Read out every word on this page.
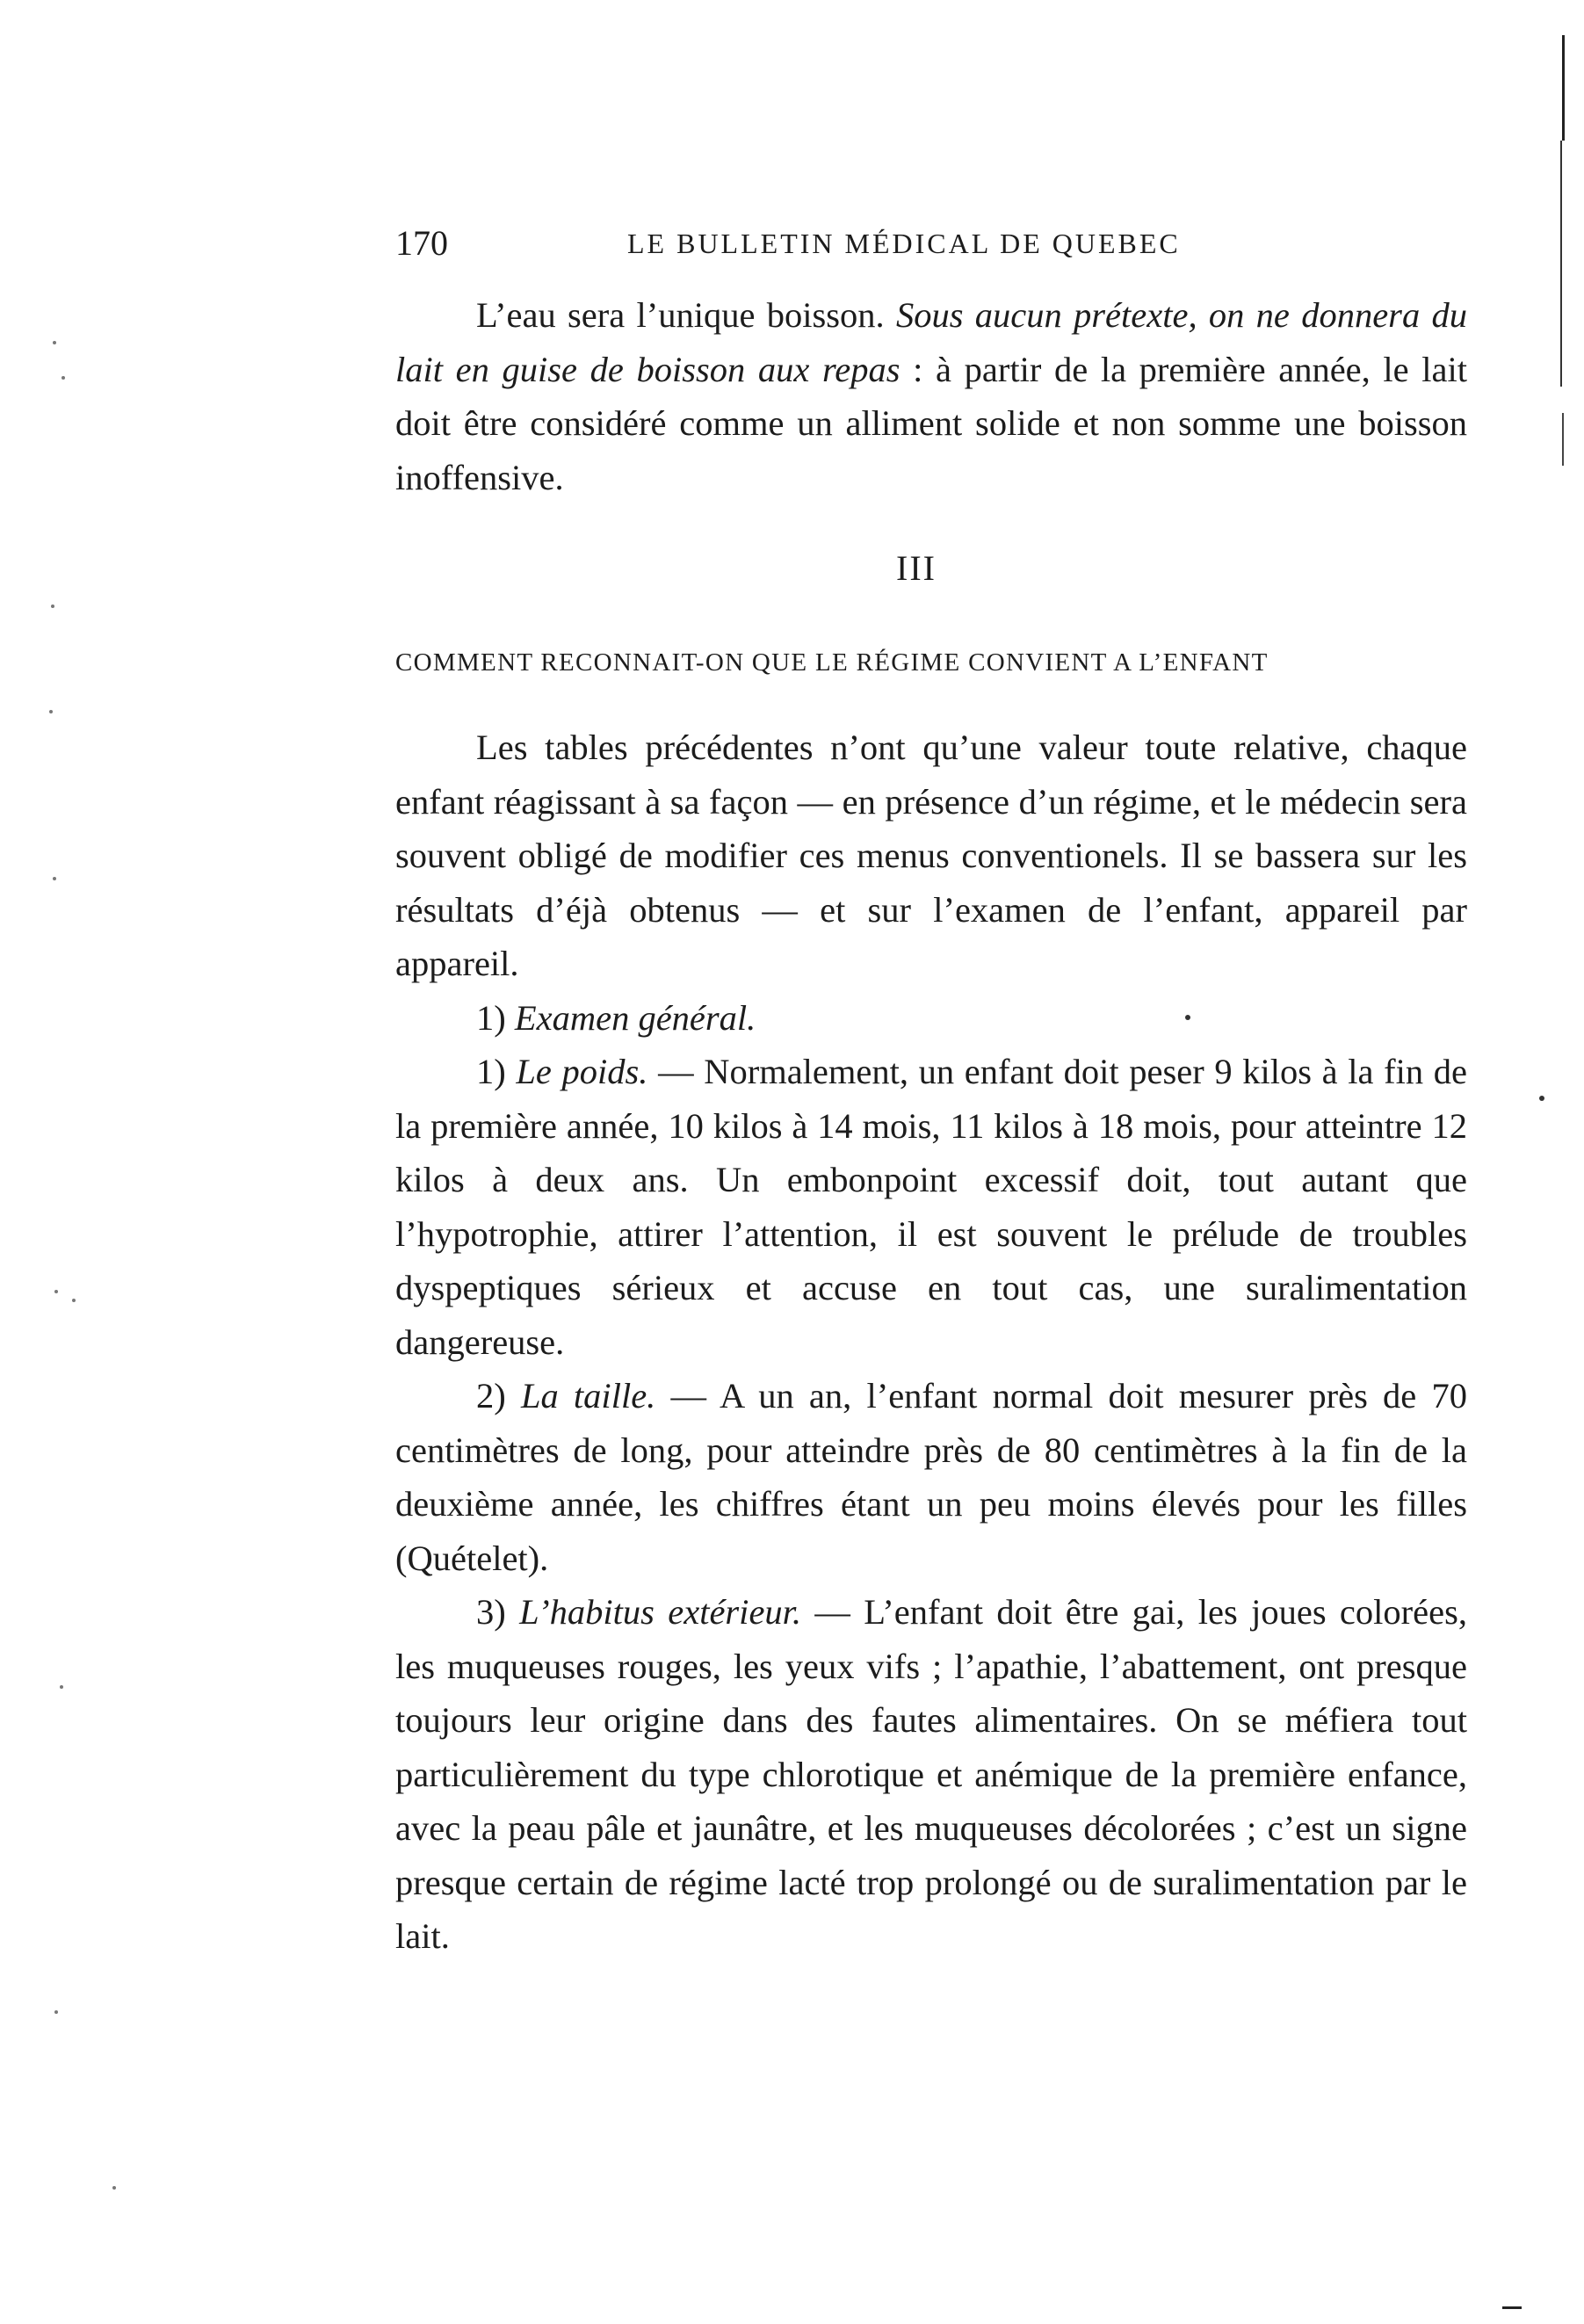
170	LE BULLETIN MÉDICAL DE QUEBEC

L’eau sera l’unique boisson. Sous aucun prétexte, on ne donnera du lait en guise de boisson aux repas : à partir de la première année, le lait doit être considéré comme un alliment solide et non somme une boisson inoffensive.

III
COMMENT RECONNAIT-ON QUE LE RÉGIME CONVIENT A L’ENFANT

Les tables précédentes n’ont qu’une valeur toute relative, chaque enfant réagissant à sa façon — en présence d’un régime, et le médecin sera souvent obligé de modifier ces menus conventionels. Il se bassera sur les résultats d’éjà obtenus — et sur l’examen de l’enfant, appareil par appareil.

1) Examen général.

1) Le poids. — Normalement, un enfant doit peser 9 kilos à la fin de la première année, 10 kilos à 14 mois, 11 kilos à 18 mois, pour atteintre 12 kilos à deux ans. Un embonpoint excessif doit, tout autant que l’hypotrophie, attirer l’attention, il est souvent le prélude de troubles dyspeptiques sérieux et accuse en tout cas, une suralimentation dangereuse.

2) La taille. — A un an, l’enfant normal doit mesurer près de 70 centimètres de long, pour atteindre près de 80 centimètres à la fin de la deuxième année, les chiffres étant un peu moins élevés pour les filles (Quételet).

3) L’habitus extérieur. — L’enfant doit être gai, les joues colorées, les muqueuses rouges, les yeux vifs ; l’apathie, l’abattement, ont presque toujours leur origine dans des fautes alimentaires. On se méfiera tout particulièrement du type chlorotique et anémique de la première enfance, avec la peau pâle et jaunâtre, et les muqueuses décolorées ; c’est un signe presque certain de régime lacté trop prolongé ou de suralimentation par le lait.
